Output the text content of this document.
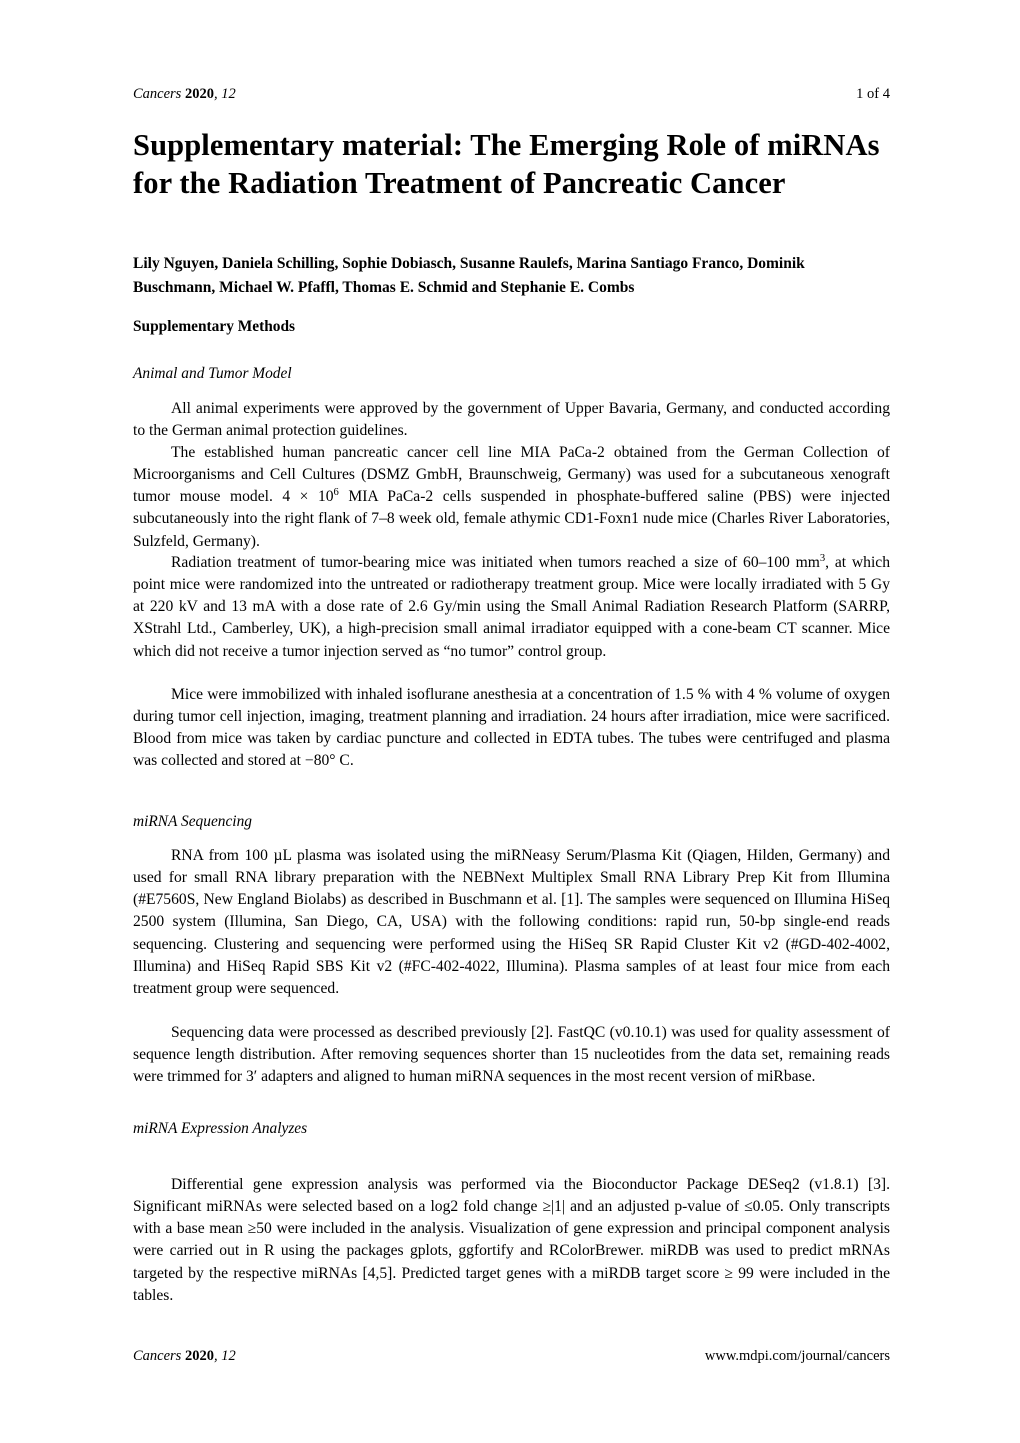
Cancers 2020, 12	1 of 4
Supplementary material: The Emerging Role of miRNAs for the Radiation Treatment of Pancreatic Cancer

Lily Nguyen, Daniela Schilling, Sophie Dobiasch, Susanne Raulefs, Marina Santiago Franco, Dominik Buschmann, Michael W. Pfaffl, Thomas E. Schmid and Stephanie E. Combs

Supplementary Methods
Animal and Tumor Model

All animal experiments were approved by the government of Upper Bavaria, Germany, and conducted according to the German animal protection guidelines.

The established human pancreatic cancer cell line MIA PaCa-2 obtained from the German Collection of Microorganisms and Cell Cultures (DSMZ GmbH, Braunschweig, Germany) was used for a subcutaneous xenograft tumor mouse model. $4 \times 10^6$ MIA PaCa-2 cells suspended in phosphate-buffered saline (PBS) were injected subcutaneously into the right flank of 7–8 week old, female athymic CD1-Foxn1 nude mice (Charles River Laboratories, Sulzfeld, Germany).

Radiation treatment of tumor-bearing mice was initiated when tumors reached a size of 60–100 $mm^3$, at which point mice were randomized into the untreated or radiotherapy treatment group. Mice were locally irradiated with 5 Gy at 220 kV and 13 mA with a dose rate of 2.6 Gy/min using the Small Animal Radiation Research Platform (SARRP, XStrahl Ltd., Camberley, UK), a high-precision small animal irradiator equipped with a cone-beam CT scanner. Mice which did not receive a tumor injection served as “no tumor” control group.

Mice were immobilized with inhaled isoflurane anesthesia at a concentration of 1.5 % with 4 % volume of oxygen during tumor cell injection, imaging, treatment planning and irradiation. 24 hours after irradiation, mice were sacrificed. Blood from mice was taken by cardiac puncture and collected in EDTA tubes. The tubes were centrifuged and plasma was collected and stored at −80° C.

miRNA Sequencing

RNA from 100 µL plasma was isolated using the miRNeasy Serum/Plasma Kit (Qiagen, Hilden, Germany) and used for small RNA library preparation with the NEBNext Multiplex Small RNA Library Prep Kit from Illumina (#E7560S, New England Biolabs) as described in Buschmann et al. [1]. The samples were sequenced on Illumina HiSeq 2500 system (Illumina, San Diego, CA, USA) with the following conditions: rapid run, 50-bp single-end reads sequencing. Clustering and sequencing were performed using the HiSeq SR Rapid Cluster Kit v2 (#GD-402-4002, Illumina) and HiSeq Rapid SBS Kit v2 (#FC-402-4022, Illumina). Plasma samples of at least four mice from each treatment group were sequenced.

Sequencing data were processed as described previously [2]. FastQC (v0.10.1) was used for quality assessment of sequence length distribution. After removing sequences shorter than 15 nucleotides from the data set, remaining reads were trimmed for 3′ adapters and aligned to human miRNA sequences in the most recent version of miRbase.

miRNA Expression Analyzes

Differential gene expression analysis was performed via the Bioconductor Package DESeq2 (v1.8.1) [3]. Significant miRNAs were selected based on a log2 fold change ≥|1| and an adjusted p-value of ≤0.05. Only transcripts with a base mean ≥50 were included in the analysis. Visualization of gene expression and principal component analysis were carried out in R using the packages gplots, ggfortify and RColorBrewer. miRDB was used to predict mRNAs targeted by the respective miRNAs [4,5]. Predicted target genes with a miRDB target score ≥ 99 were included in the tables.

Cancers 2020, 12	www.mdpi.com/journal/cancers
